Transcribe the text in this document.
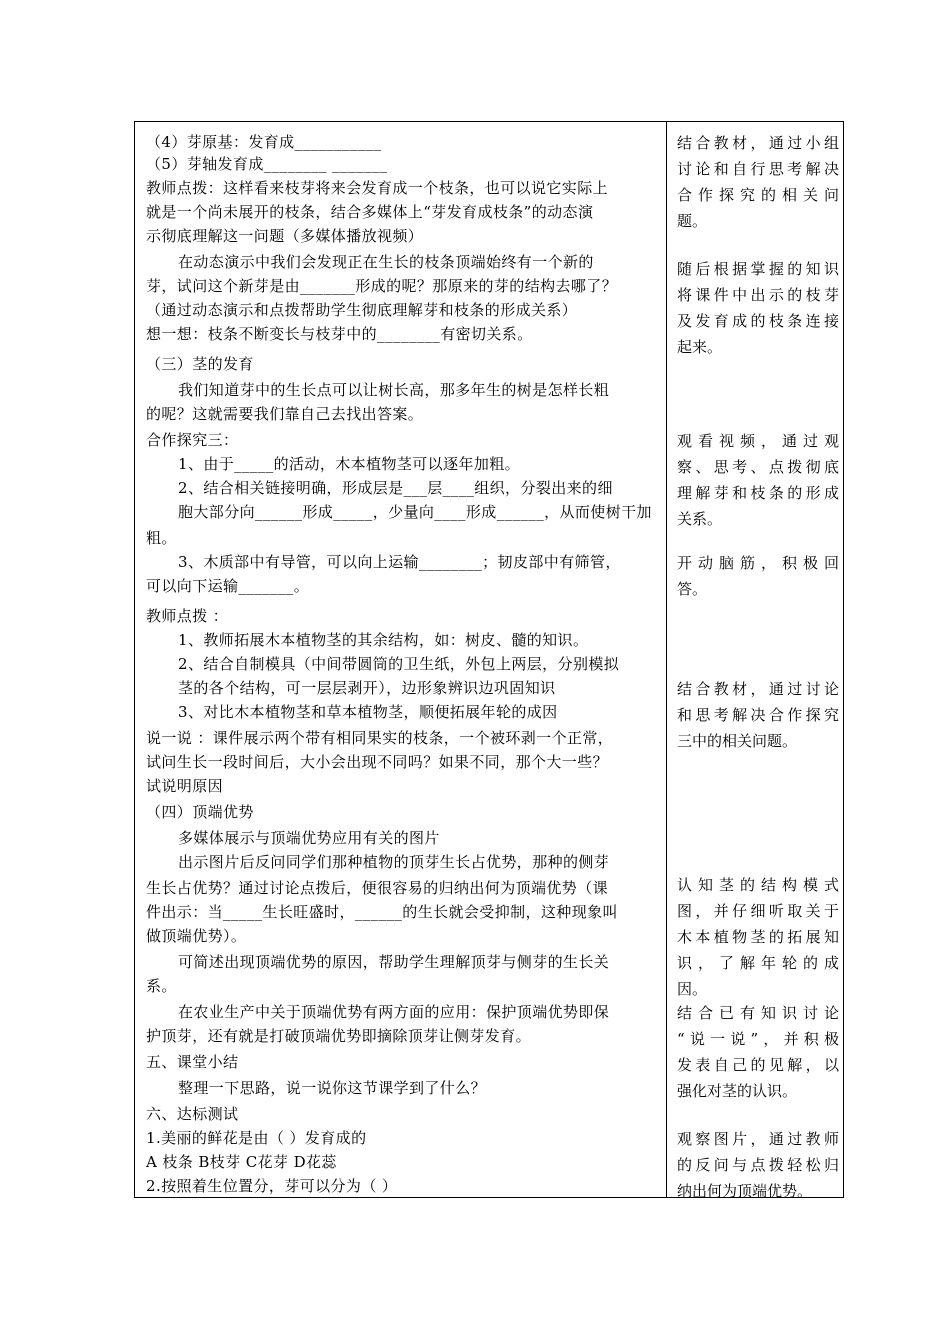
（4）芽原基：发育成___________
（5）芽轴发育成________ _______
教师点拨：这样看来枝芽将来会发育成一个枝条，也可以说它实际上
就是一个尚未展开的枝条，结合多媒体上“芽发育成枝条”的动态演
示彻底理解这一问题（多媒体播放视频）
在动态演示中我们会发现正在生长的枝条顶端始终有一个新的
芽，试问这个新芽是由_______形成的呢？那原来的芽的结构去哪了？
（通过动态演示和点拨帮助学生彻底理解芽和枝条的形成关系）
想一想：枝条不断变长与枝芽中的________有密切关系。
（三）茎的发育
我们知道芽中的生长点可以让树长高，那多年生的树是怎样长粗
的呢？这就需要我们靠自己去找出答案。
合作探究三：
1、由于_____的活动，木本植物茎可以逐年加粗。
2、结合相关链接明确，形成层是___层____组织，分裂出来的细
胞大部分向______形成_____，少量向____形成______，从而使树干加
粗。
3、木质部中有导管，可以向上运输________；韧皮部中有筛管，
可以向下运输_______。
教师点拨 ：
1、教师拓展木本植物茎的其余结构，如：树皮、髓的知识。
2、结合自制模具（中间带圆筒的卫生纸，外包上两层，分别模拟
茎的各个结构，可一层层剥开），边形象辨识边巩固知识
3、对比木本植物茎和草本植物茎，顺便拓展年轮的成因
说一说 ：课件展示两个带有相同果实的枝条，一个被环剥一个正常，
试问生长一段时间后，大小会出现不同吗？如果不同，那个大一些？
试说明原因
（四）顶端优势
多媒体展示与顶端优势应用有关的图片
出示图片后反问同学们那种植物的顶芽生长占优势，那种的侧芽
生长占优势？通过讨论点拨后，便很容易的归纳出何为顶端优势（课
件出示：当_____生长旺盛时，______的生长就会受抑制，这种现象叫
做顶端优势）。
可简述出现顶端优势的原因，帮助学生理解顶芽与侧芽的生长关
系。
在农业生产中关于顶端优势有两方面的应用：保护顶端优势即保
护顶芽，还有就是打破顶端优势即摘除顶芽让侧芽发育。
五、课堂小结
整理一下思路，说一说你这节课学到了什么？
六、达标测试
1.美丽的鲜花是由（ ）发育成的
A 枝条 B枝芽 C花芽 D花蕊
2.按照着生位置分，芽可以分为（ ）
结合教材，通过小组
讨论和自行思考解决
合作探究的相关问
题。
随后根据掌握的知识
将课件中出示的枝芽
及发育成的枝条连接
起来。
观看视频，通过观
察、思考、点拨彻底
理解芽和枝条的形成
关系。
开动脑筋，积极回
答。
结合教材，通过讨论
和思考解决合作探究
三中的相关问题。
认知茎的结构模式
图，并仔细听取关于
木本植物茎的拓展知
识，了解年轮的成
因。
结合已有知识讨论
“说一说”，并积极
发表自己的见解，以
强化对茎的认识。
观察图片，通过教师
的反问与点拨轻松归
纳出何为顶端优势。
